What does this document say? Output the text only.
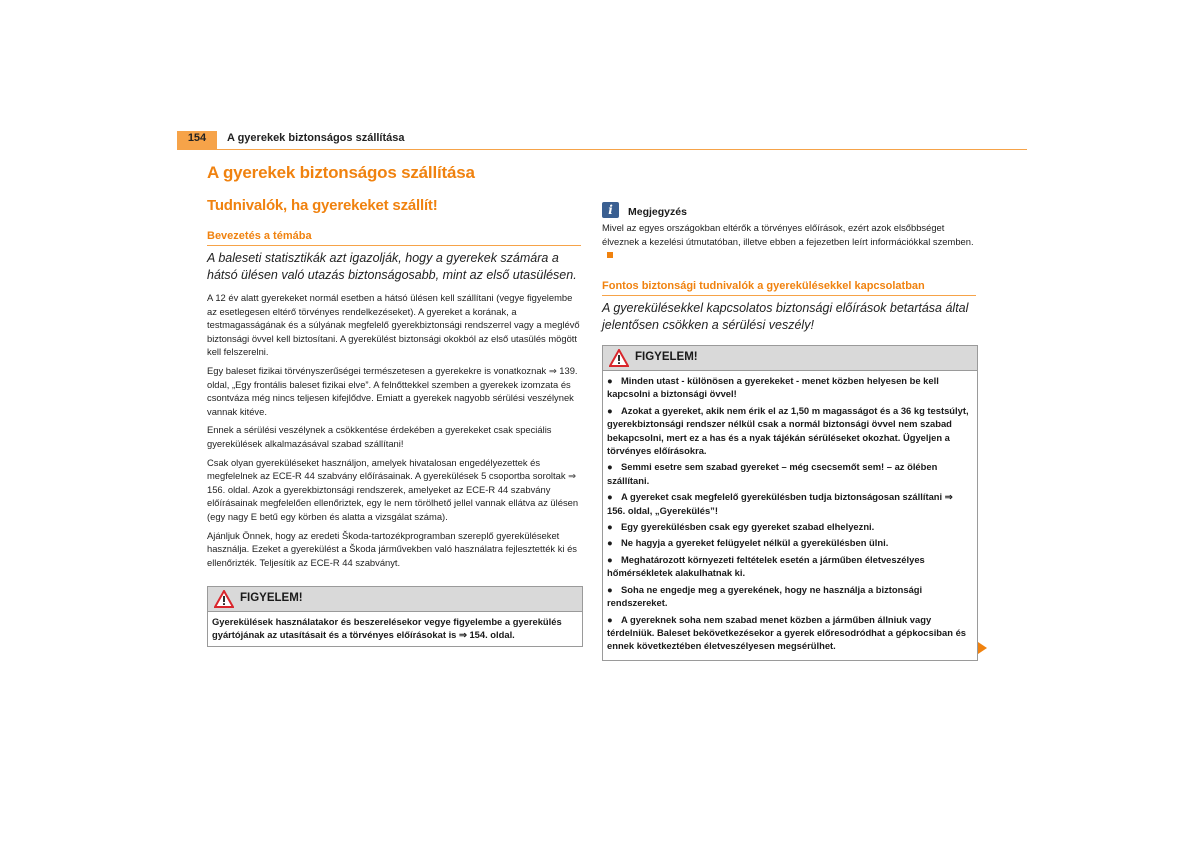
154	A gyerekek biztonságos szállítása
A gyerekek biztonságos szállítása
Tudnivalók, ha gyerekeket szállít!
Bevezetés a témába
A baleseti statisztikák azt igazolják, hogy a gyerekek számára a hátsó ülésen való utazás biztonságosabb, mint az első utasülésen.

A 12 év alatt gyerekeket normál esetben a hátsó ülésen kell szállítani (vegye figyelembe az esetlegesen eltérő törvényes rendelkezéseket). A gyereket a korának, a testmagasságának és a súlyának megfelelő gyerekbiztonsági rendszerrel vagy a meglévő biztonsági övvel kell biztosítani. A gyerekülést biztonsági okokból az első utasülés mögött kell felszerelni.

Egy baleset fizikai törvényszerűségei természetesen a gyerekekre is vonatkoznak ⇒ 139. oldal, „Egy frontális baleset fizikai elve”. A felnőttekkel szemben a gyerekek izomzata és csontváza még nincs teljesen kifejlődve. Emiatt a gyerekek nagyobb sérülési veszélynek vannak kitéve.

Ennek a sérülési veszélynek a csökkentése érdekében a gyerekeket csak speciális gyerekülések alkalmazásával szabad szállítani!

Csak olyan gyereküléseket használjon, amelyek hivatalosan engedélyezettek és megfelelnek az ECE-R 44 szabvány előírásainak. A gyerekülések 5 csoportba soroltak ⇒ 156. oldal. Azok a gyerekbiztonsági rendszerek, amelyeket az ECE-R 44 szabvány előírásainak megfelelően ellenőriztek, egy le nem törölhető jellel vannak ellátva az ülésen (egy nagy E betű egy körben és alatta a vizsgálat száma).

Ajánljuk Önnek, hogy az eredeti Škoda-tartozékprogramban szereplő gyereküléseket használja. Ezeket a gyerekülést a Škoda járművekben való használatra fejlesztették ki és ellenőrizték. Teljesítik az ECE-R 44 szabványt.

FIGYELEM!
Gyerekülések használatakor és beszerelésekor vegye figyelembe a gyerekülés gyártójának az utasításait és a törvényes előírásokat is ⇒ 154. oldal.
i	Megjegyzés
Mivel az egyes országokban eltérők a törvényes előírások, ezért azok elsőbbséget élveznek a kezelési útmutatóban, illetve ebben a fejezetben leírt információkkal szemben.
Fontos biztonsági tudnivalók a gyerekülésekkel kapcsolatban
A gyerekülésekkel kapcsolatos biztonsági előírások betartása által jelentősen csökken a sérülési veszély!
FIGYELEM!
● Minden utast - különösen a gyerekeket - menet közben helyesen be kell kapcsolni a biztonsági övvel!
● Azokat a gyereket, akik nem érik el az 1,50 m magasságot és a 36 kg testsúlyt, gyerekbiztonsági rendszer nélkül csak a normál biztonsági övvel nem szabad bekapcsolni, mert ez a has és a nyak tájékán sérüléseket okozhat. Ügyeljen a törvényes előírásokra.
● Semmi esetre sem szabad gyereket – még csecsemőt sem! – az ölében szállítani.
● A gyereket csak megfelelő gyerekülésben tudja biztonságosan szállítani ⇒ 156. oldal, „Gyerekülés”!
● Egy gyerekülésben csak egy gyereket szabad elhelyezni.
● Ne hagyja a gyereket felügyelet nélkül a gyerekülésben ülni.
● Meghatározott környezeti feltételek esetén a járműben életveszélyes hőmérsékletek alakulhatnak ki.
● Soha ne engedje meg a gyerekének, hogy ne használja a biztonsági rendszereket.
● A gyereknek soha nem szabad menet közben a járműben állniuk vagy térdelniük. Baleset bekövetkezésekor a gyerek előresodródhat a gépkocsiban és ennek következtében életveszélyesen megsérülhet.
